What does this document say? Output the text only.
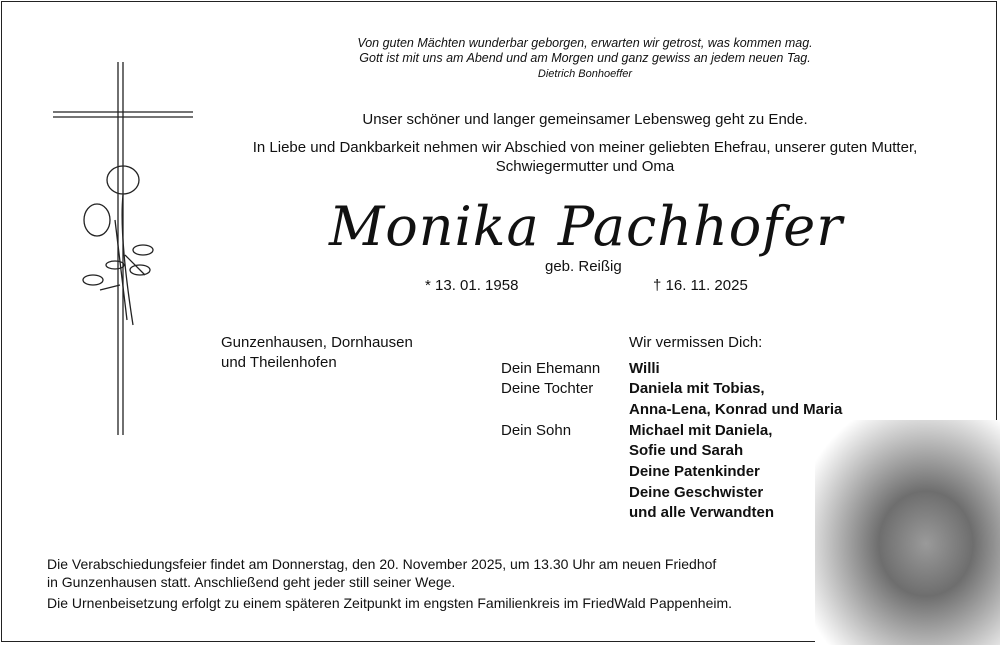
Von guten Mächten wunderbar geborgen, erwarten wir getrost, was kommen mag.
Gott ist mit uns am Abend und am Morgen und ganz gewiss an jedem neuen Tag.
Dietrich Bonhoeffer
Unser schöner und langer gemeinsamer Lebensweg geht zu Ende.
In Liebe und Dankbarkeit nehmen wir Abschied von meiner geliebten Ehefrau, unserer guten Mutter,
Schwiegermutter und Oma
Monika Pachhofer
geb. Reißig
* 13. 01. 1958	† 16. 11. 2025
Gunzenhausen, Dornhausen
und Theilenhofen
Wir vermissen Dich:
Dein Ehemann Willi
Deine Tochter Daniela mit Tobias,
Anna-Lena, Konrad und Maria
Dein Sohn	Michael mit Daniela,
Sofie und Sarah
Deine Patenkinder
Deine Geschwister
und alle Verwandten
Die Verabschiedungsfeier findet am Donnerstag, den 20. November 2025, um 13.30 Uhr am neuen Friedhof
in Gunzenhausen statt. Anschließend geht jeder still seiner Wege.
Die Urnenbeisetzung erfolgt zu einem späteren Zeitpunkt im engsten Familienkreis im FriedWald Pappenheim.
